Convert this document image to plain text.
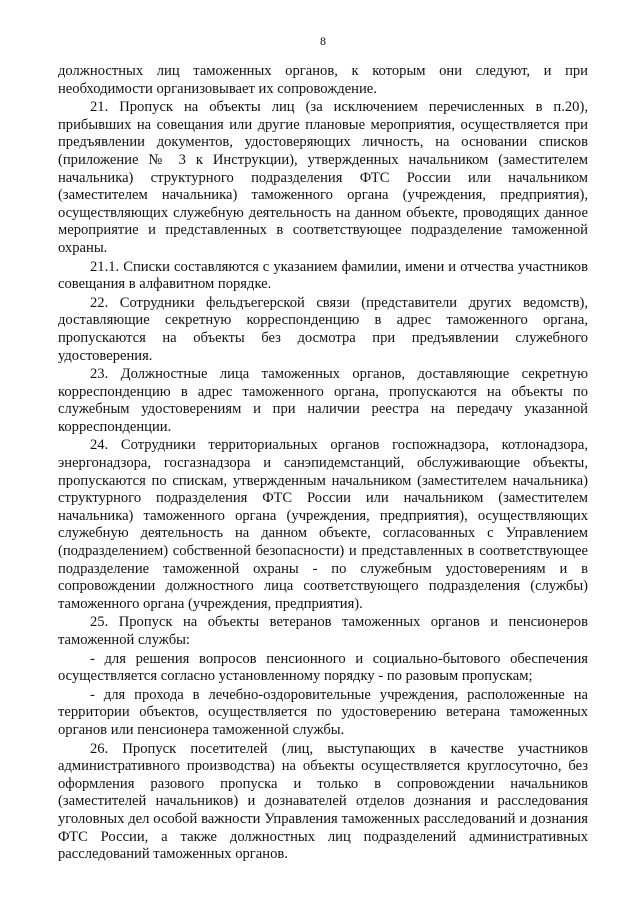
8

должностных лиц таможенных органов, к которым они следуют, и при необходимости организовывает их сопровождение.

21. Пропуск на объекты лиц (за исключением перечисленных в п.20), прибывших на совещания или другие плановые мероприятия, осуществляется при предъявлении документов, удостоверяющих личность, на основании списков (приложение № 3 к Инструкции), утвержденных начальником (заместителем начальника) структурного подразделения ФТС России или начальником (заместителем начальника) таможенного органа (учреждения, предприятия), осуществляющих служебную деятельность на данном объекте, проводящих данное мероприятие и представленных в соответствующее подразделение таможенной охраны.

21.1. Списки составляются с указанием фамилии, имени и отчества участников совещания в алфавитном порядке.

22. Сотрудники фельдъегерской связи (представители других ведомств), доставляющие секретную корреспонденцию в адрес таможенного органа, пропускаются на объекты без досмотра при предъявлении служебного удостоверения.

23. Должностные лица таможенных органов, доставляющие секретную корреспонденцию в адрес таможенного органа, пропускаются на объекты по служебным удостоверениям и при наличии реестра на передачу указанной корреспонденции.

24. Сотрудники территориальных органов госпожнадзора, котлонадзора, энергонадзора, госгазнадзора и санэпидемстанций, обслуживающие объекты, пропускаются по спискам, утвержденным начальником (заместителем начальника) структурного подразделения ФТС России или начальником (заместителем начальника) таможенного органа (учреждения, предприятия), осуществляющих служебную деятельность на данном объекте, согласованных с Управлением (подразделением) собственной безопасности) и представленных в соответствующее подразделение таможенной охраны - по служебным удостоверениям и в сопровождении должностного лица соответствующего подразделения (службы) таможенного органа (учреждения, предприятия).

25. Пропуск на объекты ветеранов таможенных органов и пенсионеров таможенной службы:

- для решения вопросов пенсионного и социально-бытового обеспечения осуществляется согласно установленному порядку - по разовым пропускам;

- для прохода в лечебно-оздоровительные учреждения, расположенные на территории объектов, осуществляется по удостоверению ветерана таможенных органов или пенсионера таможенной службы.

26. Пропуск посетителей (лиц, выступающих в качестве участников административного производства) на объекты осуществляется круглосуточно, без оформления разового пропуска и только в сопровождении начальников (заместителей начальников) и дознавателей отделов дознания и расследования уголовных дел особой важности Управления таможенных расследований и дознания ФТС России, а также должностных лиц подразделений административных расследований таможенных органов.
